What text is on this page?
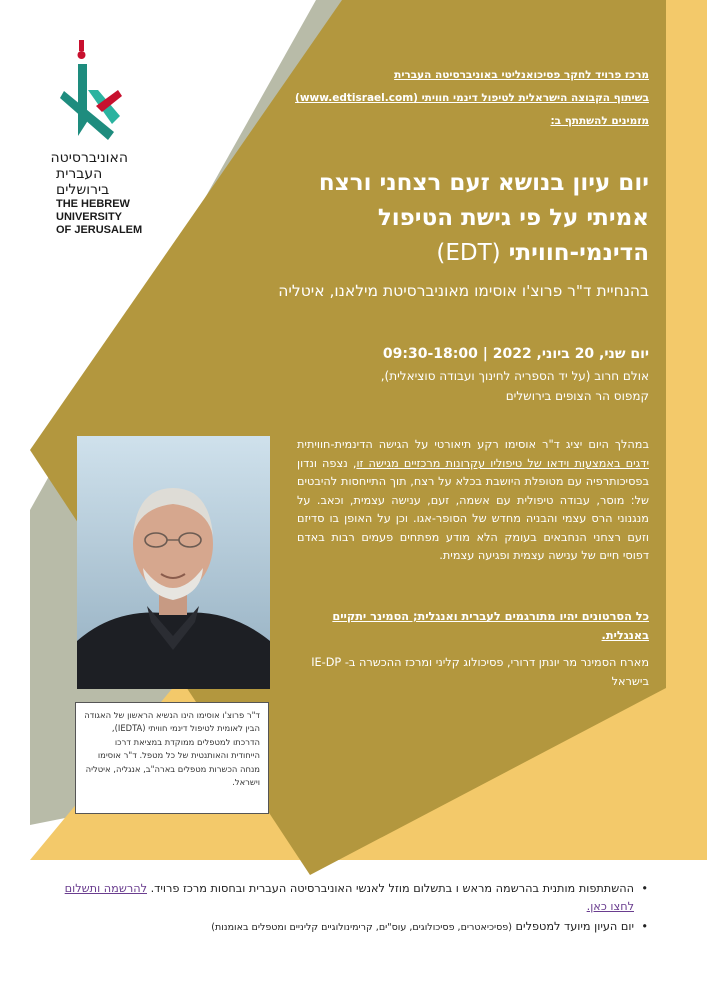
האוניברסיטה
העברית
בירושלים
THE HEBREW
UNIVERSITY
OF JERUSALEM
מרכז פרויד לחקר פסיכואנליטי באוניברסיטה העברית
בשיתוף הקבוצה הישראלית לטיפול דינמי חוויתי (www.edtisrael.com)
מזמינים להשתתף ב:
יום עיון בנושא זעם רצחני ורצח
אמיתי על פי גישת הטיפול
הדינמי-חוויתי (EDT)
בהנחיית ד"ר פרוצ'ו אוסימו מאוניברסיטת מילאנו, איטליה
יום שני, 20 ביוני, 2022 | 09:30-18:00
אולם חרוב (על יד הספריה לחינוך ועבודה סוציאלית),
קמפוס הר הצופים בירושלים
במהלך היום יציג ד"ר אוסימו רקע תיאורטי על הגישה הדינמית-חוויתית ידגים באמצעות וידאו של טיפוליו עקרונות מרכזיים מגישה זו, נצפה ונדון בפסיכותרפיה עם מטופלת היושבת בכלא על רצח, תוך התייחסות להיבטים של: מוסר, עבודה טיפולית עם אשמה, זעם, ענישה עצמית, וכאב. על מנגנוני הרס עצמי והבניה מחדש של הסופר-אגו. וכן על האופן בו סדיזם וזעם רצחני הנחבאים בעומק הלא מודע מפתחים פעמים רבות באדם דפוסי חיים של ענישה עצמית ופגיעה עצמית.
כל הסרטונים יהיו מתורגמים לעברית ואנגלית; הסמינר יתקיים באנגלית.
מארח הסמינר מר יונתן דרורי, פסיכולוג קליני ומרכז ההכשרה ב- IE-DP בישראל
ד"ר פרוצ'ו אוסימו הינו הנשיא הראשון של האגודה הבין לאומית לטיפול דינמי חוויתי (IEDTA), הדרכתו למטפלים ממוקדת במציאת דרכו הייחודית והאותנטית של כל מטפל. ד"ר אוסימו מנחה הכשרות מטפלים בארה"ב, אנגליה, איטליה וישראל.
• ההשתתפות מותנית בהרשמה מראש ו בתשלום מוזל לאנשי האוניברסיטה העברית ובחסות מרכז פרויד. להרשמה ותשלום לחצו כאן.
• יום העיון מיועד למטפלים (פסיכיאטרים, פסיכולוגים, עוס"ים, קרימינולוגיים קליניים ומטפלים באומנות)
